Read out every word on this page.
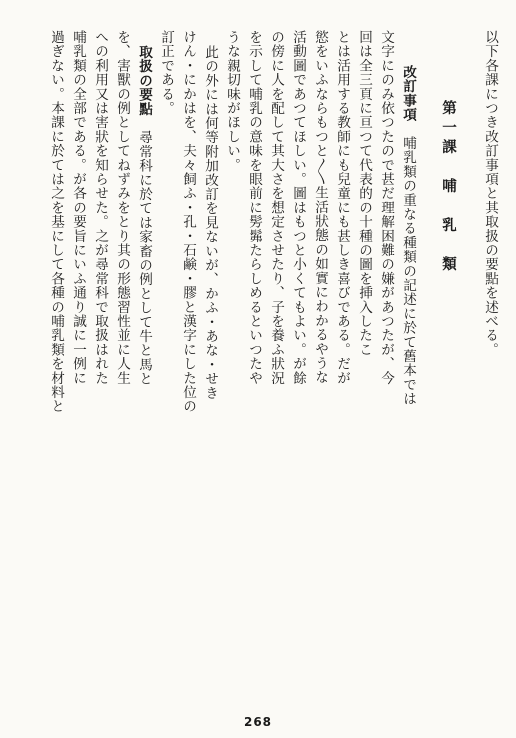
以下各課につき改訂事項と其取扱の要點を述べる。
第一課　哺　乳　類
改訂事項　哺乳類の重なる種類の記述に於て舊本では
文字にのみ依つたので甚だ理解困難の嫌があつたが、今
回は全三頁に亘つて代表的の十種の圖を挿入したこ
とは活用する教師にも兒童にも甚しき喜びである。だが
慾をいふならもつと〳〵生活狀態の如實にわかるやうな
活動圖であつてほしい。圖はもつと小くてもよい。が餘
の傍に人を配して其大さを想定させたり、子を養ふ狀況
を示して哺乳の意味を眼前に髣髴たらしめるといつたや
うな親切味がほしい。
此の外には何等附加改訂を見ないが、かふ・あな・せき
けん・にかはを、夫々飼ふ・孔・石鹸・膠と漢字にした位の
訂正である。
取扱の要點　尋常科に於ては家畜の例として牛と馬と
を、害獸の例としてねずみをとり其の形態習性並に人生
への利用又は害狀を知らせた。之が尋常科で取扱はれた
哺乳類の全部である。が各の要旨にいふ通り誠に一例に
過ぎない。本課に於ては之を基にして各種の哺乳類を材料と
268
